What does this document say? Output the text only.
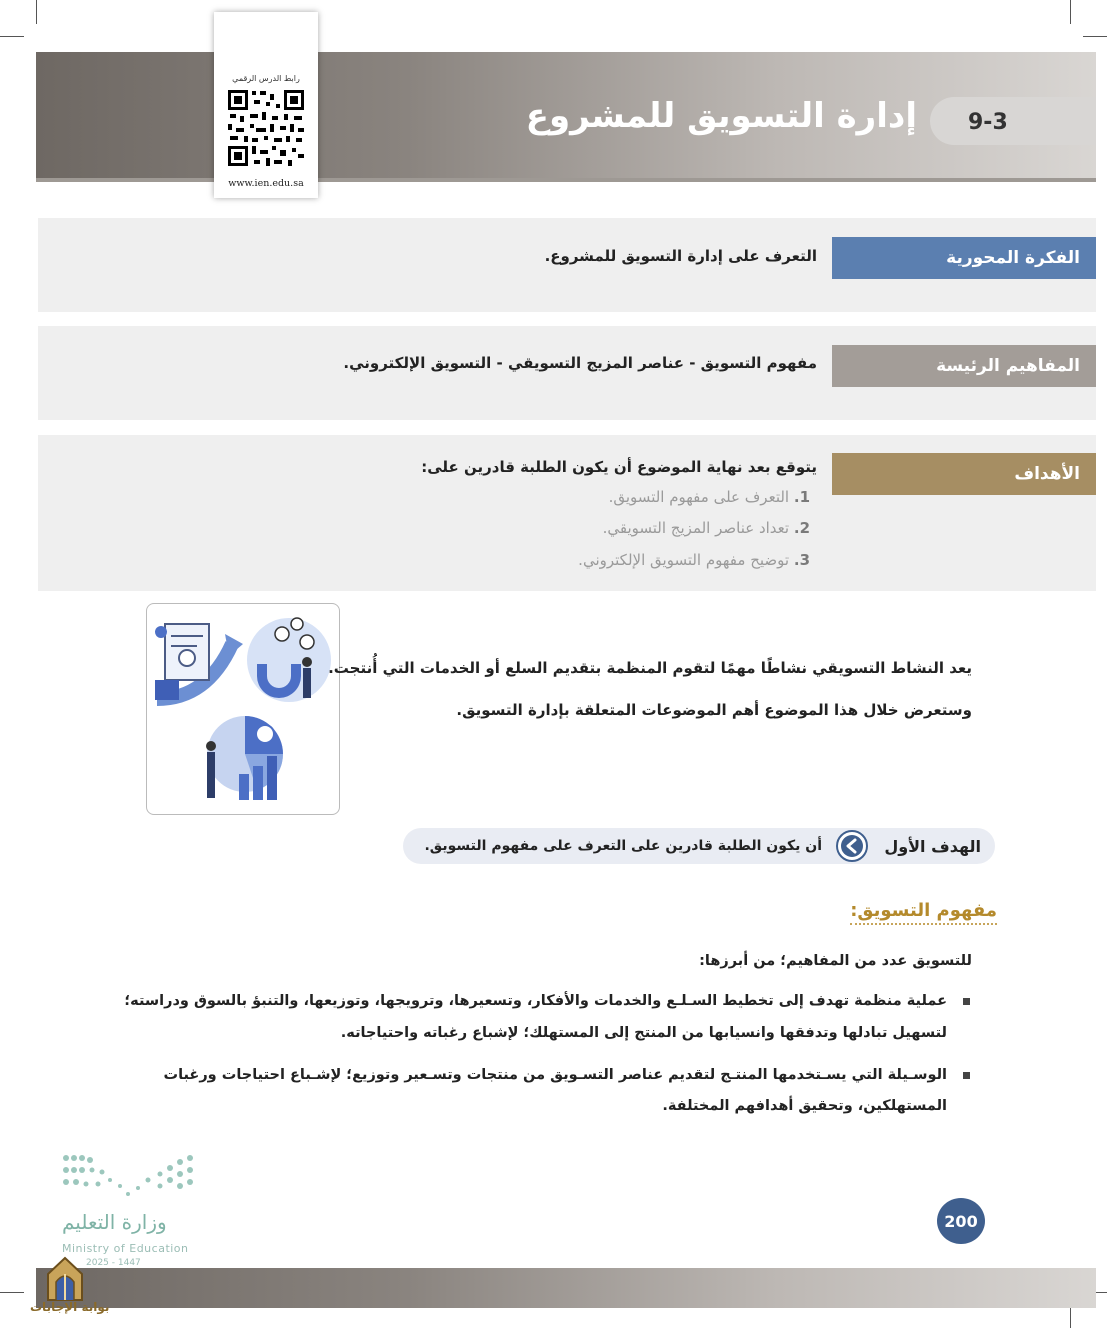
9-3
إدارة التسويق للمشروع
رابط الدرس الرقمي
www.ien.edu.sa
الفكرة المحورية
التعرف على إدارة التسويق للمشروع.
المفاهيم الرئيسة
مفهوم التسويق - عناصر المزيج التسويقي - التسويق الإلكتروني.
الأهداف
يتوقع بعد نهاية الموضوع أن يكون الطلبة قادرين على:
1. التعرف على مفهوم التسويق.
2. تعداد عناصر المزيج التسويقي.
3. توضيح مفهوم التسويق الإلكتروني.
يعد النشاط التسويقي نشاطًا مهمًا لتقوم المنظمة بتقديم السلع أو الخدمات التي أُنتجت.
وستعرض خلال هذا الموضوع أهم الموضوعات المتعلقة بإدارة التسويق.
الهدف الأول
أن يكون الطلبة قادرين على التعرف على مفهوم التسويق.
مفهوم التسويق:
للتسويق عدد من المفاهيم؛ من أبرزها:
عملية منظمة تهدف إلى تخطيط السـلـع والخدمات والأفكار، وتسعيرها، وترويجها، وتوزيعها، والتنبؤ بالسوق ودراسته؛
لتسهيل تبادلها وتدفقها وانسيابها من المنتج إلى المستهلك؛ لإشباع رغباته واحتياجاته.
الوسـيلة التي يسـتخدمها المنتـج لتقديم عناصر التسـويق من منتجات وتسـعير وتوزيع؛ لإشـباع احتياجات ورغبات
المستهلكين، وتحقيق أهدافهم المختلفة.
200
وزارة التعليم
Ministry of Education
2025 - 1447
بوابة الإجابات
